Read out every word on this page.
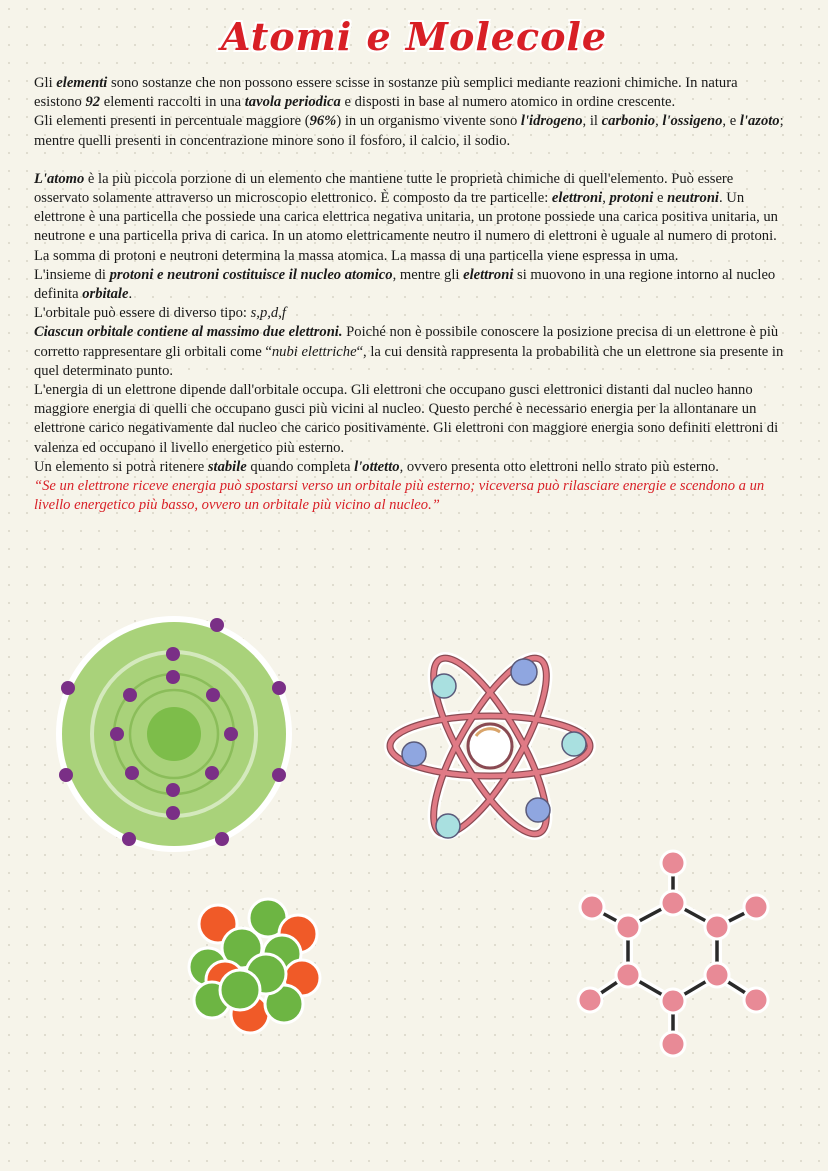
Atomi e Molecole

Gli elementi sono sostanze che non possono essere scisse in sostanze più semplici mediante reazioni chimiche. In natura esistono 92 elementi raccolti in una tavola periodica e disposti in base al numero atomico in ordine crescente.

Gli elementi presenti in percentuale maggiore (96%) in un organismo vivente sono l'idrogeno, il carbonio, l'ossigeno, e l'azoto; mentre quelli presenti in concentrazione minore sono il fosforo, il calcio, il sodio.

L'atomo è la più piccola porzione di un elemento che mantiene tutte le proprietà chimiche di quell'elemento. Può essere osservato solamente attraverso un microscopio elettronico. È composto da tre particelle: elettroni, protoni e neutroni. Un elettrone è una particella che possiede una carica elettrica negativa unitaria, un protone possiede una carica positiva unitaria, un neutrone e una particella priva di carica. In un atomo elettricamente neutro il numero di elettroni è uguale al numero di protoni.

La somma di protoni e neutroni determina la massa atomica. La massa di una particella viene espressa in uma.

L'insieme di protoni e neutroni costituisce il nucleo atomico, mentre gli elettroni si muovono in una regione intorno al nucleo definita orbitale.

L'orbitale può essere di diverso tipo: s,p,d,f

Ciascun orbitale contiene al massimo due elettroni. Poiché non è possibile conoscere la posizione precisa di un elettrone è più corretto rappresentare gli orbitali come “nubi elettriche“, la cui densità rappresenta la probabilità che un elettrone sia presente in quel determinato punto.

L'energia di un elettrone dipende dall'orbitale occupa. Gli elettroni che occupano gusci elettronici distanti dal nucleo hanno maggiore energia di quelli che occupano gusci più vicini al nucleo. Questo perché è necessario energia per la allontanare un elettrone carico negativamente dal nucleo che carico positivamente. Gli elettroni con maggiore energia sono definiti elettroni di valenza ed occupano il livello energetico più esterno.

Un elemento si potrà ritenere stabile quando completa l'ottetto, ovvero presenta otto elettroni nello strato più esterno.

“Se un elettrone riceve energia può spostarsi verso un orbitale più esterno; viceversa può rilasciare energie e scendono a un livello energetico più basso, ovvero un orbitale più vicino al nucleo.”
